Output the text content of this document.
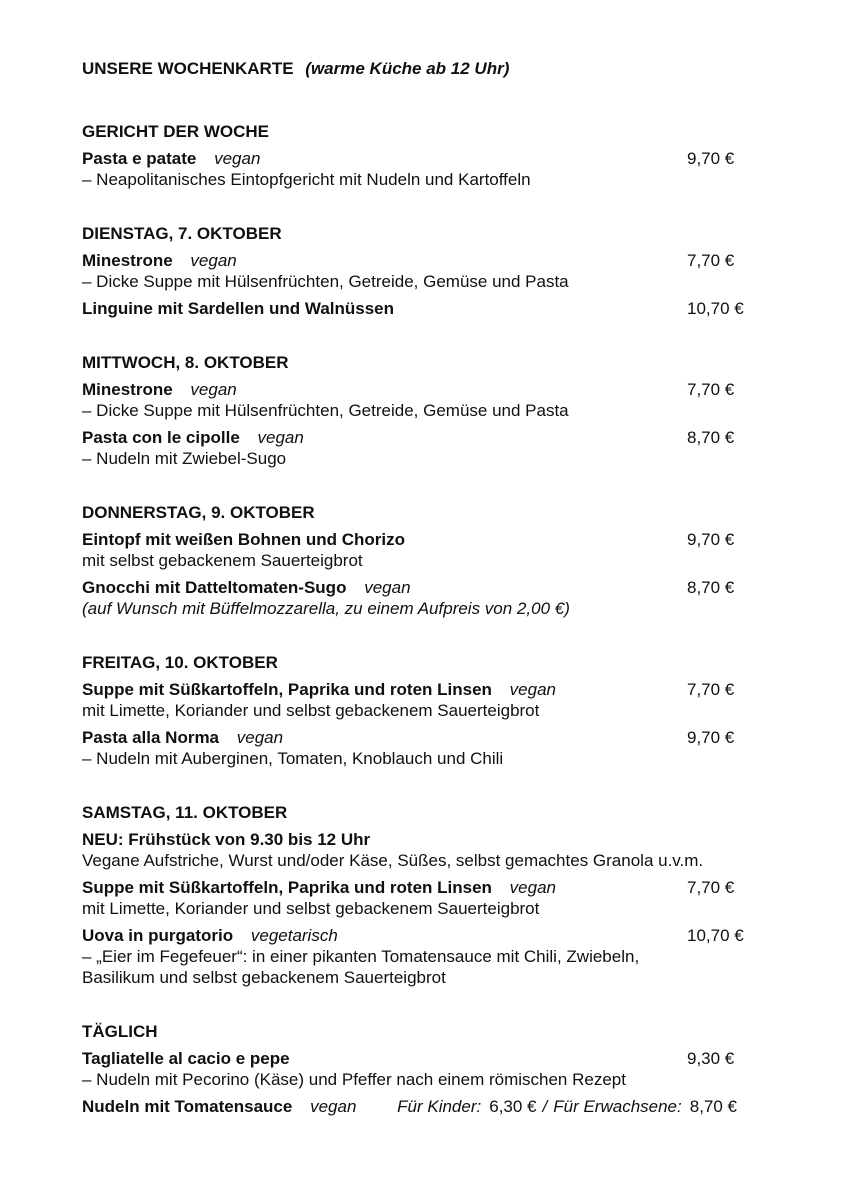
UNSERE WOCHENKARTE (warme Küche ab 12 Uhr)
GERICHT DER WOCHE
Pasta e patate vegan	9,70 €
– Neapolitanisches Eintopfgericht mit Nudeln und Kartoffeln
DIENSTAG, 7. OKTOBER
Minestrone vegan	7,70 €
– Dicke Suppe mit Hülsenfrüchten, Getreide, Gemüse und Pasta
Linguine mit Sardellen und Walnüssen	10,70 €
MITTWOCH, 8. OKTOBER
Minestrone vegan	7,70 €
– Dicke Suppe mit Hülsenfrüchten, Getreide, Gemüse und Pasta
Pasta con le cipolle vegan	8,70 €
– Nudeln mit Zwiebel-Sugo
DONNERSTAG, 9. OKTOBER
Eintopf mit weißen Bohnen und Chorizo	9,70 €
mit selbst gebackenem Sauerteigbrot
Gnocchi mit Datteltomaten-Sugo vegan	8,70 €
(auf Wunsch mit Büffelmozzarella, zu einem Aufpreis von 2,00 €)
FREITAG, 10. OKTOBER
Suppe mit Süßkartoffeln, Paprika und roten Linsen vegan	7,70 €
mit Limette, Koriander und selbst gebackenem Sauerteigbrot
Pasta alla Norma vegan	9,70 €
– Nudeln mit Auberginen, Tomaten, Knoblauch und Chili
SAMSTAG, 11. OKTOBER
NEU: Frühstück von 9.30 bis 12 Uhr
Vegane Aufstriche, Wurst und/oder Käse, Süßes, selbst gemachtes Granola u.v.m.
Suppe mit Süßkartoffeln, Paprika und roten Linsen vegan	7,70 €
mit Limette, Koriander und selbst gebackenem Sauerteigbrot
Uova in purgatorio vegetarisch	10,70 €
– „Eier im Fegefeuer“: in einer pikanten Tomatensauce mit Chili, Zwiebeln,
Basilikum und selbst gebackenem Sauerteigbrot
TÄGLICH
Tagliatelle al cacio e pepe	9,30 €
– Nudeln mit Pecorino (Käse) und Pfeffer nach einem römischen Rezept
Nudeln mit Tomatensauce vegan Für Kinder: 6,30 € / Für Erwachsene: 8,70 €
